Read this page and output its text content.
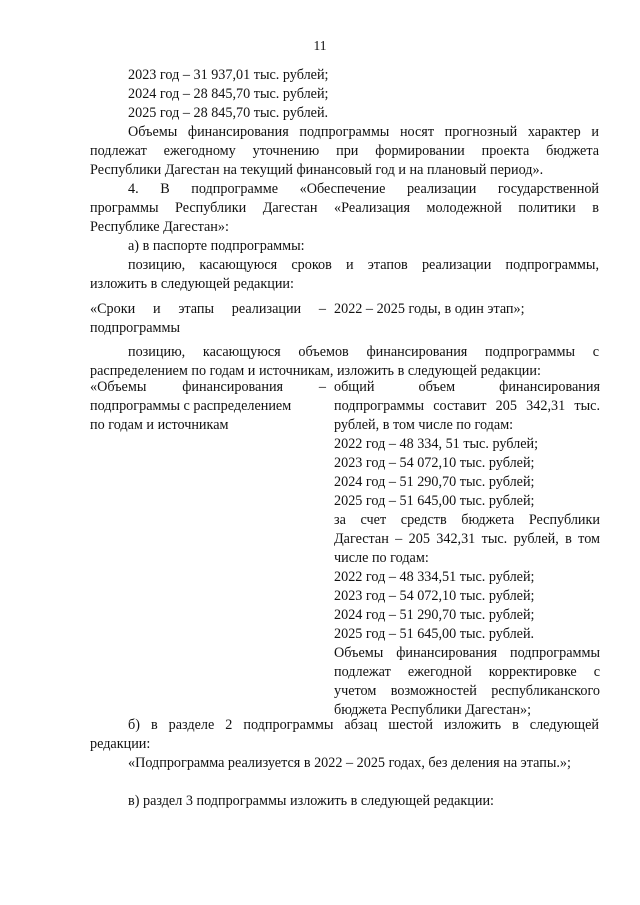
11
2023 год – 31 937,01 тыс. рублей;
2024 год – 28 845,70 тыс. рублей;
2025 год – 28 845,70 тыс. рублей.
Объемы финансирования подпрограммы носят прогнозный характер и
подлежат ежегодному уточнению при формировании проекта бюджета
Республики Дагестан на текущий финансовый год и на плановый период».
4. В подпрограмме «Обеспечение реализации государственной
программы Республики Дагестан «Реализация молодежной политики в
Республике Дагестан»:
а) в паспорте подпрограммы:
позицию, касающуюся сроков и этапов реализации подпрограммы,
изложить в следующей редакции:
«Сроки и этапы реализации – 2022 – 2025 годы, в один этап»;
подпрограммы
позицию, касающуюся объемов финансирования подпрограммы с
распределением по годам и источникам, изложить в следующей редакции:
«Объемы финансирования –
подпрограммы с распределением
по годам и источникам
общий объем финансирования
подпрограммы составит 205 342,31 тыс.
рублей, в том числе по годам:
2022 год – 48 334, 51 тыс. рублей;
2023 год – 54 072,10 тыс. рублей;
2024 год – 51 290,70 тыс. рублей;
2025 год – 51 645,00 тыс. рублей;
за счет средств бюджета Республики
Дагестан – 205 342,31 тыс. рублей, в том
числе по годам:
2022 год – 48 334,51 тыс. рублей;
2023 год – 54 072,10 тыс. рублей;
2024 год – 51 290,70 тыс. рублей;
2025 год – 51 645,00 тыс. рублей.
Объемы финансирования подпрограммы
подлежат ежегодной корректировке с
учетом возможностей республиканского
бюджета Республики Дагестан»;
б) в разделе 2 подпрограммы абзац шестой изложить в следующей
редакции:
«Подпрограмма реализуется в 2022 – 2025 годах, без деления на этапы.»;
в) раздел 3 подпрограммы изложить в следующей редакции:
